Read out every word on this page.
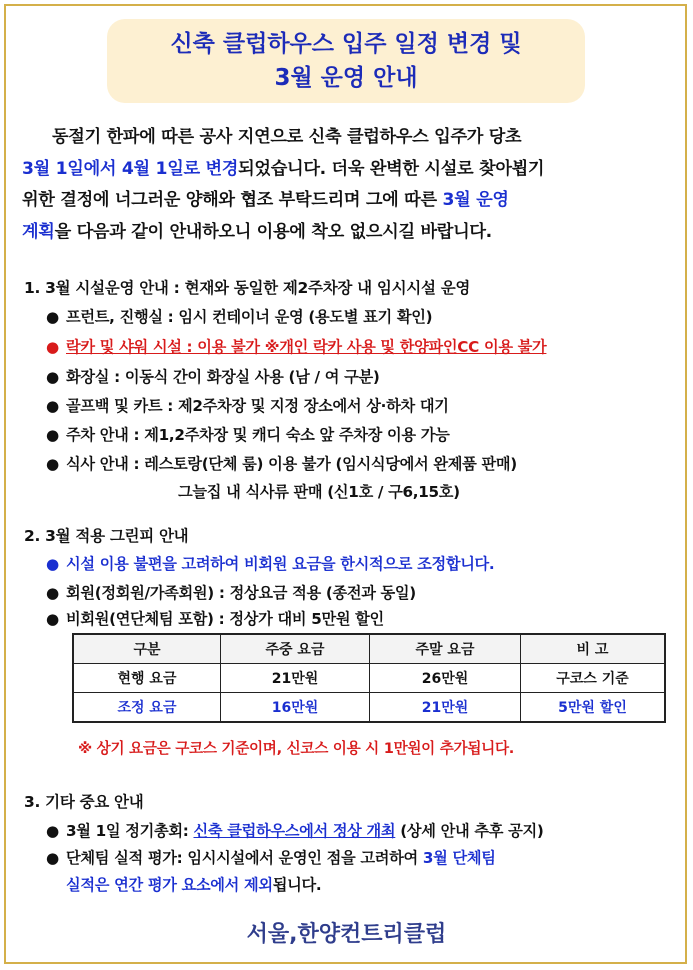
신축 클럽하우스 입주 일정 변경 및
3월 운영 안내
동절기 한파에 따른 공사 지연으로 신축 클럽하우스 입주가 당초
3월 1일에서 4월 1일로 변경되었습니다. 더욱 완벽한 시설로 찾아뵙기
위한 결정에 너그러운 양해와 협조 부탁드리며 그에 따른 3월 운영
계획을 다음과 같이 안내하오니 이용에 착오 없으시길 바랍니다.
1. 3월 시설운영 안내 : 현재와 동일한 제2주차장 내 임시시설 운영
● 프런트, 진행실 : 임시 컨테이너 운영 (용도별 표기 확인)
● 락카 및 샤워 시설 : 이용 불가 ※개인 락카 사용 및 한양파인CC 이용 불가
● 화장실 : 이동식 간이 화장실 사용 (남 / 여 구분)
● 골프백 및 카트 : 제2주차장 및 지정 장소에서 상·하차 대기
● 주차 안내 : 제1,2주차장 및 캐디 숙소 앞 주차장 이용 가능
● 식사 안내 : 레스토랑(단체 룸) 이용 불가 (임시식당에서 완제품 판매)
그늘집 내 식사류 판매 (신1호 / 구6,15호)
2. 3월 적용 그린피 안내
● 시설 이용 불편을 고려하여 비회원 요금을 한시적으로 조정합니다.
● 회원(정회원/가족회원) : 정상요금 적용 (종전과 동일)
● 비회원(연단체팀 포함) : 정상가 대비 5만원 할인
구분	주중 요금	주말 요금	비 고
현행 요금	21만원	26만원	구코스 기준
조정 요금	16만원	21만원	5만원 할인
※ 상기 요금은 구코스 기준이며, 신코스 이용 시 1만원이 추가됩니다.
3. 기타 중요 안내
● 3월 1일 정기총회: 신축 클럽하우스에서 정상 개최 (상세 안내 추후 공지)
● 단체팀 실적 평가: 임시시설에서 운영인 점을 고려하여 3월 단체팀
실적은 연간 평가 요소에서 제외됩니다.
서울,한양컨트리클럽
